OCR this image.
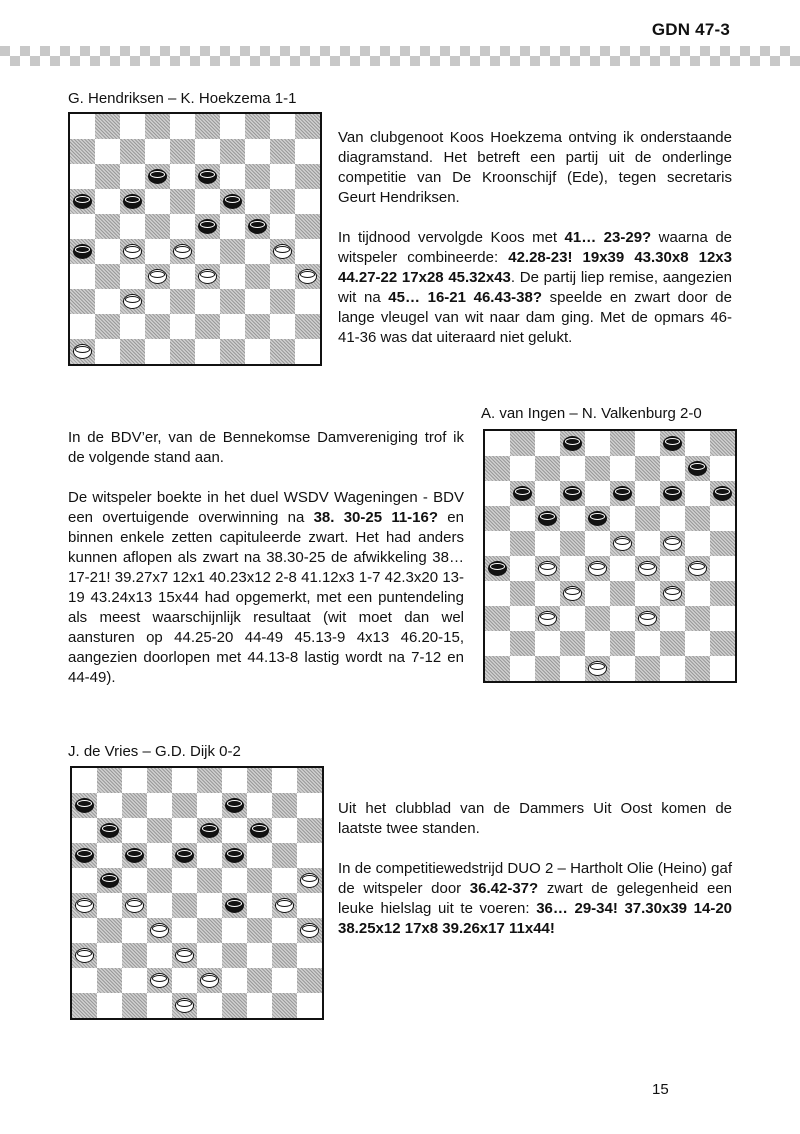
GDN 47-3
G. Hendriksen – K. Hoekzema 1-1

Van clubgenoot Koos Hoekzema ontving ik onderstaande diagramstand. Het betreft een partij uit de onderlinge competitie van De Kroonschijf (Ede), tegen secretaris Geurt Hendriksen.

In tijdnood vervolgde Koos met 41… 23-29? waarna de witspeler combineerde: 42.28-23! 19x39 43.30x8 12x3 44.27-22 17x28 45.32x43. De partij liep remise, aangezien wit na 45… 16-21 46.43-38? speelde en zwart door de lange vleugel van wit naar dam ging. Met de opmars 46-41-36 was dat uiteraard niet gelukt.

A. van Ingen – N. Valkenburg 2-0

In de BDV’er, van de Bennekomse Damvereniging trof ik de volgende stand aan.

De witspeler boekte in het duel WSDV Wageningen - BDV een overtuigende overwinning na 38. 30-25 11-16? en binnen enkele zetten capituleerde zwart. Het had anders kunnen aflopen als zwart na 38.30-25 de afwikkeling 38… 17-21! 39.27x7 12x1 40.23x12 2-8 41.12x3 1-7 42.3x20 13-19 43.24x13 15x44 had opgemerkt, met een puntendeling als meest waarschijnlijk resultaat (wit moet dan wel aansturen op 44.25-20 44-49 45.13-9 4x13 46.20-15, aangezien doorlopen met 44.13-8 lastig wordt na 7-12 en 44-49).

J. de Vries – G.D. Dijk 0-2

Uit het clubblad van de Dammers Uit Oost komen de laatste twee standen.

In de competitiewedstrijd DUO 2 – Hartholt Olie (Heino) gaf de witspeler door 36.42-37? zwart de gelegenheid een leuke hielslag uit te voeren: 36… 29-34! 37.30x39 14-20 38.25x12 17x8 39.26x17 11x44!

15
